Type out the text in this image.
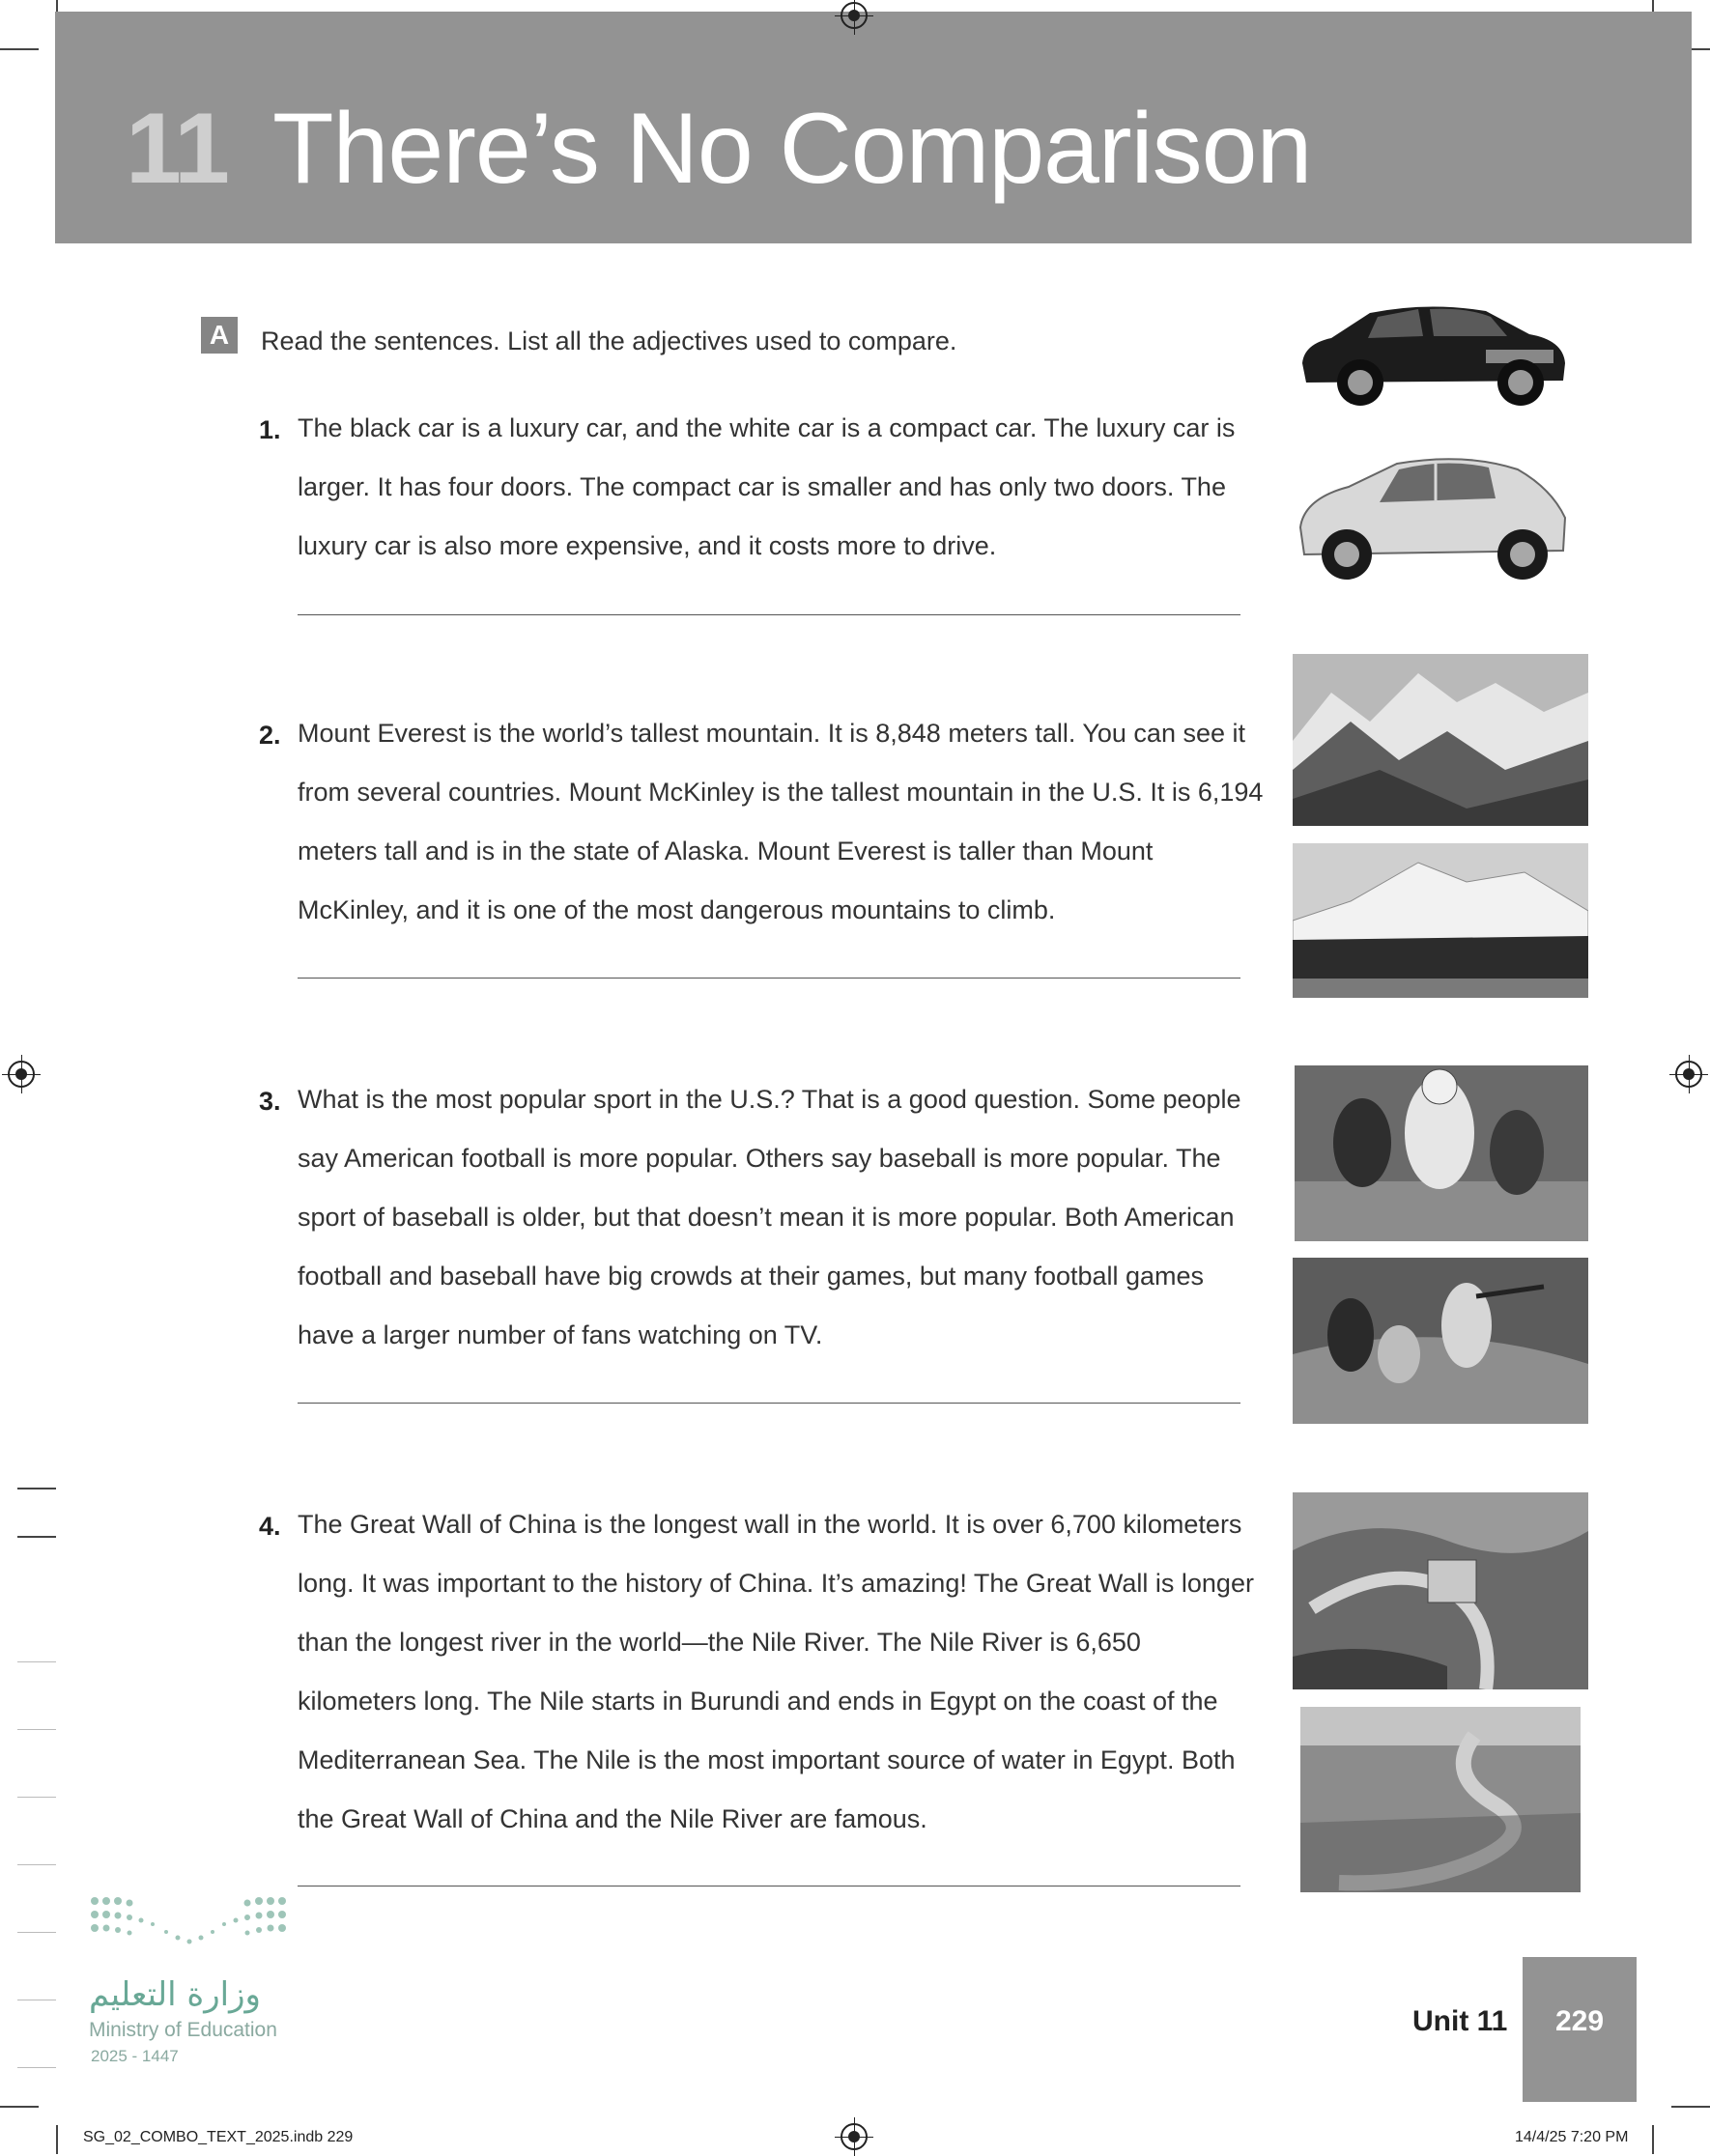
11 There’s No Comparison
A	Read the sentences. List all the adjectives used to compare.
1. The black car is a luxury car, and the white car is a compact car. The luxury car is larger. It has four doors. The compact car is smaller and has only two doors. The luxury car is also more expensive, and it costs more to drive.
2. Mount Everest is the world’s tallest mountain. It is 8,848 meters tall. You can see it from several countries. Mount McKinley is the tallest mountain in the U.S. It is 6,194 meters tall and is in the state of Alaska. Mount Everest is taller than Mount McKinley, and it is one of the most dangerous mountains to climb.
3. What is the most popular sport in the U.S.? That is a good question. Some people say American football is more popular. Others say baseball is more popular. The sport of baseball is older, but that doesn’t mean it is more popular. Both American football and baseball have big crowds at their games, but many football games have a larger number of fans watching on TV.
4. The Great Wall of China is the longest wall in the world. It is over 6,700 kilometers long. It was important to the history of China. It’s amazing! The Great Wall is longer than the longest river in the world—the Nile River. The Nile River is 6,650 kilometers long. The Nile starts in Burundi and ends in Egypt on the coast of the Mediterranean Sea. The Nile is the most important source of water in Egypt. Both the Great Wall of China and the Nile River are famous.
وزارة التعليم
Ministry of Education
2025 - 1447
Unit 11	229
SG_02_COMBO_TEXT_2025.indb 229	14/4/25 7:20 PM
